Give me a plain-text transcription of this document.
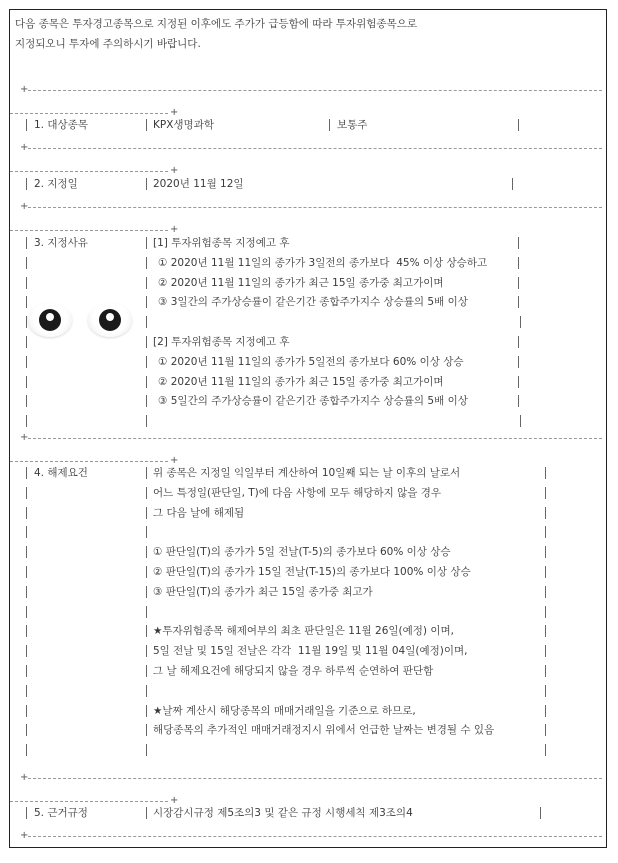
다음 종목은 투자경고종목으로 지정된 이후에도 주가가 급등함에 따라 투자위험종목으로
지정되오니 투자에 주의하시기 바랍니다.
+
+
+
+
+
+
+
+
+
+
+
1. 대상종목	KPX생명과학	보통주
2. 지정일	2020년 11월 12일
3. 지정사유	[1] 투자위험종목 지정예고 후
① 2020년 11월 11일의 종가가 3일전의 종가보다  45% 이상 상승하고
② 2020년 11월 11일의 종가가 최근 15일 종가중 최고가이며
③ 3일간의 주가상승률이 같은기간 종합주가지수 상승률의 5배 이상
[2] 투자위험종목 지정예고 후
① 2020년 11월 11일의 종가가 5일전의 종가보다 60% 이상 상승
② 2020년 11월 11일의 종가가 최근 15일 종가중 최고가이며
③ 5일간의 주가상승률이 같은기간 종합주가지수 상승률의 5배 이상
4. 해제요건	위 종목은 지정일 익일부터 계산하여 10일째 되는 날 이후의 날로서
어느 특정일(판단일, T)에 다음 사항에 모두 해당하지 않을 경우
그 다음 날에 해제됨
① 판단일(T)의 종가가 5일 전날(T-5)의 종가보다 60% 이상 상승
② 판단일(T)의 종가가 15일 전날(T-15)의 종가보다 100% 이상 상승
③ 판단일(T)의 종가가 최근 15일 종가중 최고가
★투자위험종목 해제여부의 최초 판단일은 11월 26일(예정) 이며,
5일 전날 및 15일 전날은 각각  11월 19일 및 11월 04일(예정)이며,
그 날 해제요건에 해당되지 않을 경우 하루씩 순연하여 판단함
★날짜 계산시 해당종목의 매매거래일을 기준으로 하므로,
해당종목의 추가적인 매매거래정지시 위에서 언급한 날짜는 변경될 수 있음
5. 근거규정	시장감시규정 제5조의3 및 같은 규정 시행세칙 제3조의4
